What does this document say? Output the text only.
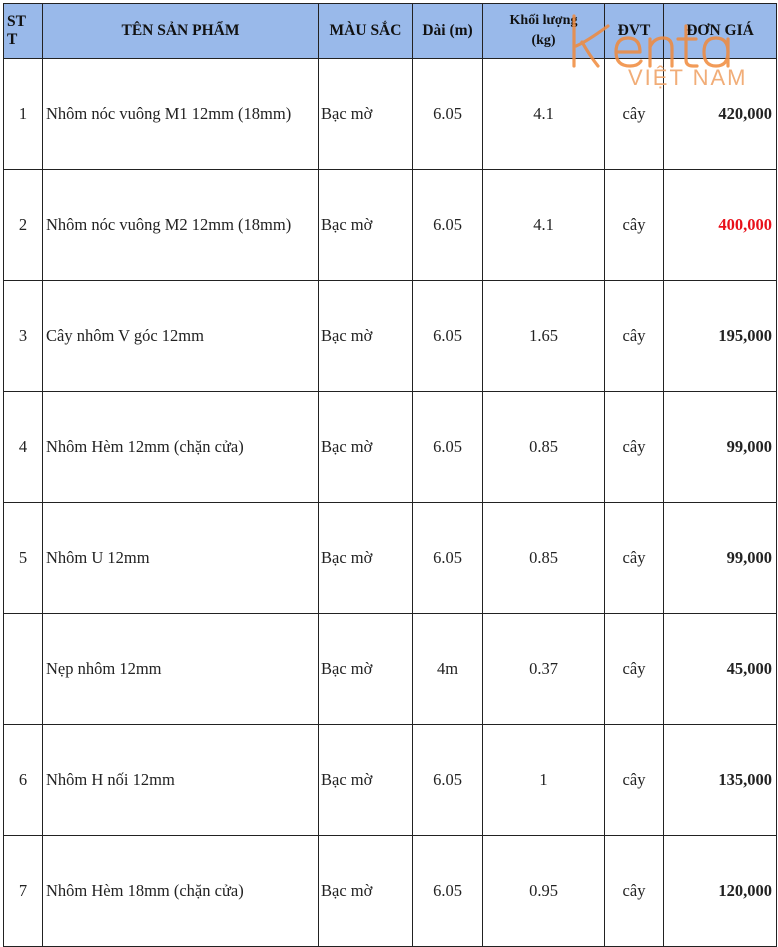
ST
T	TÊN SẢN PHẨM	MÀU SẮC	Dài (m)	Khối lượng
(kg)	ĐVT	ĐƠN GIÁ
1	Nhôm nóc vuông M1 12mm (18mm)	Bạc mờ	6.05	4.1	cây	420,000
2	Nhôm nóc vuông M2 12mm (18mm)	Bạc mờ	6.05	4.1	cây	400,000
3	Cây nhôm V góc 12mm	Bạc mờ	6.05	1.65	cây	195,000
4	Nhôm Hèm 12mm (chặn cửa)	Bạc mờ	6.05	0.85	cây	99,000
5	Nhôm U 12mm	Bạc mờ	6.05	0.85	cây	99,000
	Nẹp nhôm 12mm	Bạc mờ	4m	0.37	cây	45,000
6	Nhôm H nối 12mm	Bạc mờ	6.05	1	cây	135,000
7	Nhôm Hèm 18mm (chặn cửa)	Bạc mờ	6.05	0.95	cây	120,000
VIỆT NAM
